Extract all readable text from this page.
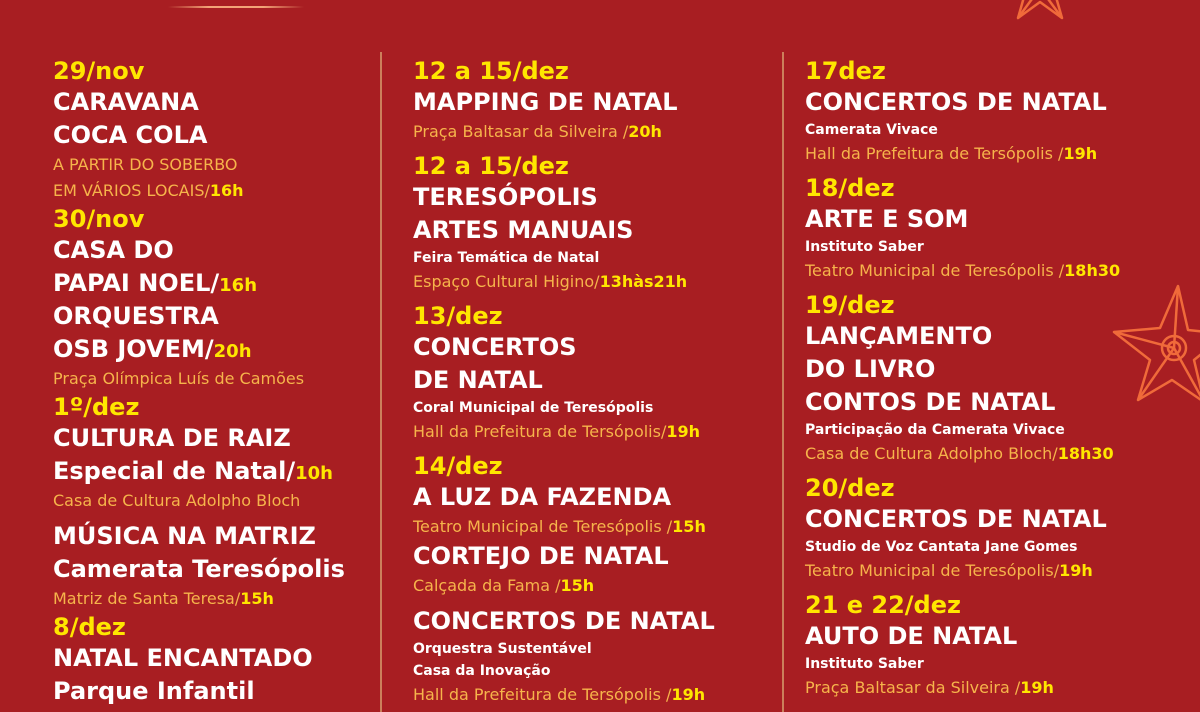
29/nov
CARAVANA
COCA COLA
A PARTIR DO SOBERBO
EM VÁRIOS LOCAIS/16h
30/nov
CASA DO
PAPAI NOEL/16h
ORQUESTRA
OSB JOVEM/20h
Praça Olímpica Luís de Camões
1º/dez
CULTURA DE RAIZ
Especial de Natal/10h
Casa de Cultura Adolpho Bloch
MÚSICA NA MATRIZ
Camerata Teresópolis
Matriz de Santa Teresa/15h
8/dez
NATAL ENCANTADO
Parque Infantil
12 a 15/dez
MAPPING DE NATAL
Praça Baltasar da Silveira /20h
12 a 15/dez
TERESÓPOLIS
ARTES MANUAIS
Feira Temática de Natal
Espaço Cultural Higino/13hàs21h
13/dez
CONCERTOS
DE NATAL
Coral Municipal de Teresópolis
Hall da Prefeitura de Tersópolis/19h
14/dez
A LUZ DA FAZENDA
Teatro Municipal de Teresópolis /15h
CORTEJO DE NATAL
Calçada da Fama /15h
CONCERTOS DE NATAL
Orquestra Sustentável
Casa da Inovação
Hall da Prefeitura de Tersópolis /19h
17dez
CONCERTOS DE NATAL
Camerata Vivace
Hall da Prefeitura de Tersópolis /19h
18/dez
ARTE E SOM
Instituto Saber
Teatro Municipal de Teresópolis /18h30
19/dez
LANÇAMENTO
DO LIVRO
CONTOS DE NATAL
Participação da Camerata Vivace
Casa de Cultura Adolpho Bloch/18h30
20/dez
CONCERTOS DE NATAL
Studio de Voz Cantata Jane Gomes
Teatro Municipal de Teresópolis/19h
21 e 22/dez
AUTO DE NATAL
Instituto Saber
Praça Baltasar da Silveira /19h
